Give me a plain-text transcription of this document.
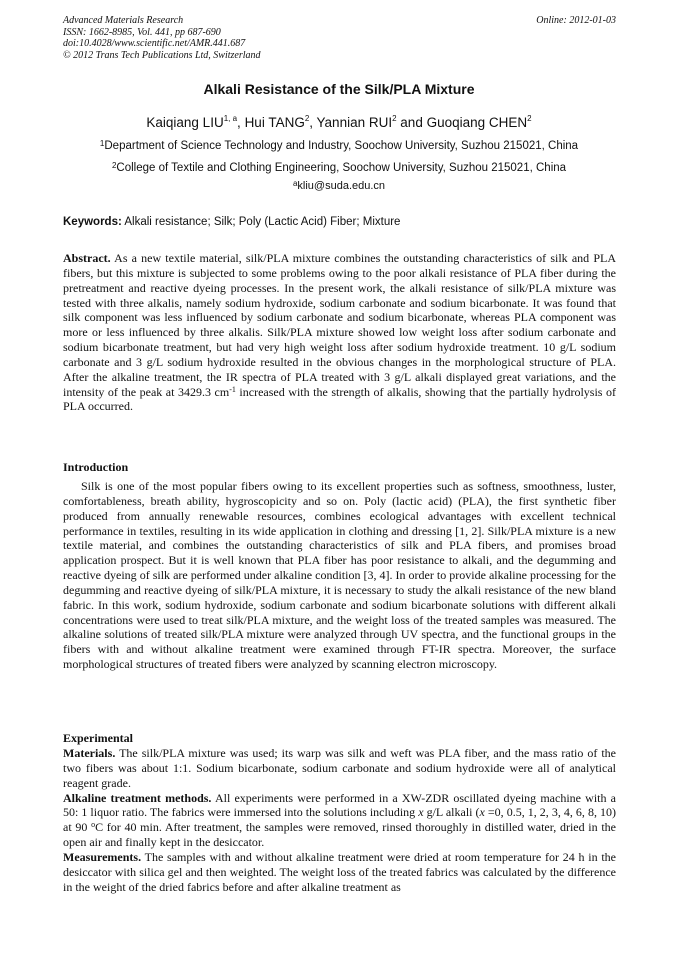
Advanced Materials Research
ISSN: 1662-8985, Vol. 441, pp 687-690
doi:10.4028/www.scientific.net/AMR.441.687
© 2012 Trans Tech Publications Ltd, Switzerland
Online: 2012-01-03
Alkali Resistance of the Silk/PLA Mixture
Kaiqiang LIU$^{1, a}$, Hui TANG$^2$, Yannian RUI$^2$ and Guoqiang CHEN$^2$
$^1$Department of Science Technology and Industry, Soochow University, Suzhou 215021, China
$^2$College of Textile and Clothing Engineering, Soochow University, Suzhou 215021, China
$^a$kliu@suda.edu.cn
Keywords: Alkali resistance; Silk; Poly (Lactic Acid) Fiber; Mixture

Abstract. As a new textile material, silk/PLA mixture combines the outstanding characteristics of silk and PLA fibers, but this mixture is subjected to some problems owing to the poor alkali resistance of PLA fiber during the pretreatment and reactive dyeing processes. In the present work, the alkali resistance of silk/PLA mixture was tested with three alkalis, namely sodium hydroxide, sodium carbonate and sodium bicarbonate. It was found that silk component was less influenced by sodium carbonate and sodium bicarbonate, whereas PLA component was more or less influenced by three alkalis. Silk/PLA mixture showed low weight loss after sodium carbonate and sodium bicarbonate treatment, but had very high weight loss after sodium hydroxide treatment. 10 g/L sodium carbonate and 3 g/L sodium hydroxide resulted in the obvious changes in the morphological structure of PLA. After the alkaline treatment, the IR spectra of PLA treated with 3 g/L alkali displayed great variations, and the intensity of the peak at 3429.3 $cm^{-1}$ increased with the strength of alkalis, showing that the partially hydrolysis of PLA occurred.

Introduction

Silk is one of the most popular fibers owing to its excellent properties such as softness, smoothness, luster, comfortableness, breath ability, hygroscopicity and so on. Poly (lactic acid) (PLA), the first synthetic fiber produced from annually renewable resources, combines ecological advantages with excellent technical performance in textiles, resulting in its wide application in clothing and dressing [1, 2]. Silk/PLA mixture is a new textile material, and combines the outstanding characteristics of silk and PLA fibers, and promises broad application prospect. But it is well known that PLA fiber has poor resistance to alkali, and the degumming and reactive dyeing of silk are performed under alkaline condition [3, 4]. In order to provide alkaline processing for the degumming and reactive dyeing of silk/PLA mixture, it is necessary to study the alkali resistance of the new bland fabric. In this work, sodium hydroxide, sodium carbonate and sodium bicarbonate solutions with different alkali concentrations were used to treat silk/PLA mixture, and the weight loss of the treated samples was measured. The alkaline solutions of treated silk/PLA mixture were analyzed through UV spectra, and the functional groups in the fibers with and without alkaline treatment were examined through FT-IR spectra. Moreover, the surface morphological structures of treated fibers were analyzed by scanning electron microscopy.

Experimental

Materials. The silk/PLA mixture was used; its warp was silk and weft was PLA fiber, and the mass ratio of the two fibers was about 1:1. Sodium bicarbonate, sodium carbonate and sodium hydroxide were all of analytical reagent grade.

Alkaline treatment methods. All experiments were performed in a XW-ZDR oscillated dyeing machine with a 50: 1 liquor ratio. The fabrics were immersed into the solutions including x g/L alkali (x =0, 0.5, 1, 2, 3, 4, 6, 8, 10) at 90 $^o$C for 40 min. After treatment, the samples were removed, rinsed thoroughly in distilled water, dried in the open air and finally kept in the desiccator.

Measurements. The samples with and without alkaline treatment were dried at room temperature for 24 h in the desiccator with silica gel and then weighted. The weight loss of the treated fabrics was calculated by the difference in the weight of the dried fabrics before and after alkaline treatment as
